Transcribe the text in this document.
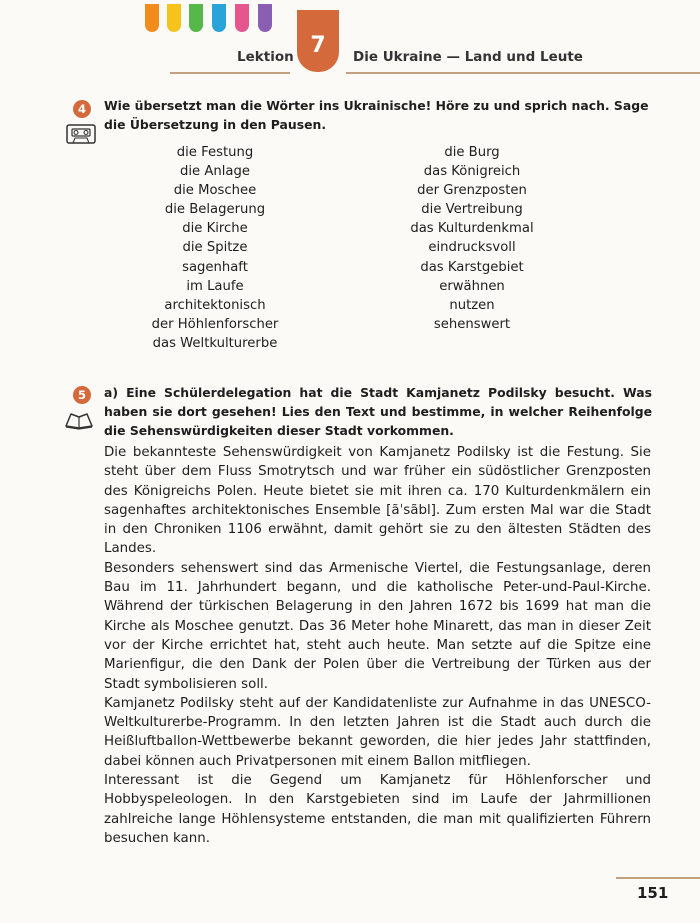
Lektion 7	Die Ukraine — Land und Leute
4	Wie übersetzt man die Wörter ins Ukrainische! Höre zu und sprich nach. Sage die Übersetzung in den Pausen.
die Festung
die Anlage
die Moschee
die Belagerung
die Kirche
die Spitze
sagenhaft
im Laufe
architektonisch
der Höhlenforscher
das Weltkulturerbe
die Burg
das Königreich
der Grenzposten
die Vertreibung
das Kulturdenkmal
eindrucksvoll
das Karstgebiet
erwähnen
nutzen
sehenswert
5	a) Eine Schülerdelegation hat die Stadt Kamjanetz Podilsky besucht. Was haben sie dort gesehen! Lies den Text und bestimme, in welcher Reihenfolge die Sehenswürdigkeiten dieser Stadt vorkommen.

Die bekannteste Sehenswürdigkeit von Kamjanetz Podilsky ist die Festung. Sie steht über dem Fluss Smotrytsch und war früher ein südöstlicher Grenzposten des Königreichs Polen. Heute bietet sie mit ihren ca. 170 Kulturdenkmälern ein sagenhaftes architektonisches Ensemble [ãˈsãbl]. Zum ersten Mal war die Stadt in den Chroniken 1106 erwähnt, damit gehört sie zu den ältesten Städten des Landes.

Besonders sehenswert sind das Armenische Viertel, die Festungsanlage, deren Bau im 11. Jahrhundert begann, und die katholische Peter-und-Paul-Kirche. Während der türkischen Belagerung in den Jahren 1672 bis 1699 hat man die Kirche als Moschee genutzt. Das 36 Meter hohe Minarett, das man in dieser Zeit vor der Kirche errichtet hat, steht auch heute. Man setzte auf die Spitze eine Marienfigur, die den Dank der Polen über die Vertreibung der Türken aus der Stadt symbolisieren soll.

Kamjanetz Podilsky steht auf der Kandidatenliste zur Aufnahme in das UNESCO-Weltkulturerbe-Programm. In den letzten Jahren ist die Stadt auch durch die Heißluftballon-Wettbewerbe bekannt geworden, die hier jedes Jahr stattfinden, dabei können auch Privatpersonen mit einem Ballon mitfliegen.

Interessant ist die Gegend um Kamjanetz für Höhlenforscher und Hobbyspeleologen. In den Karstgebieten sind im Laufe der Jahrmillionen zahlreiche lange Höhlensysteme entstanden, die man mit qualifizierten Führern besuchen kann.

151
